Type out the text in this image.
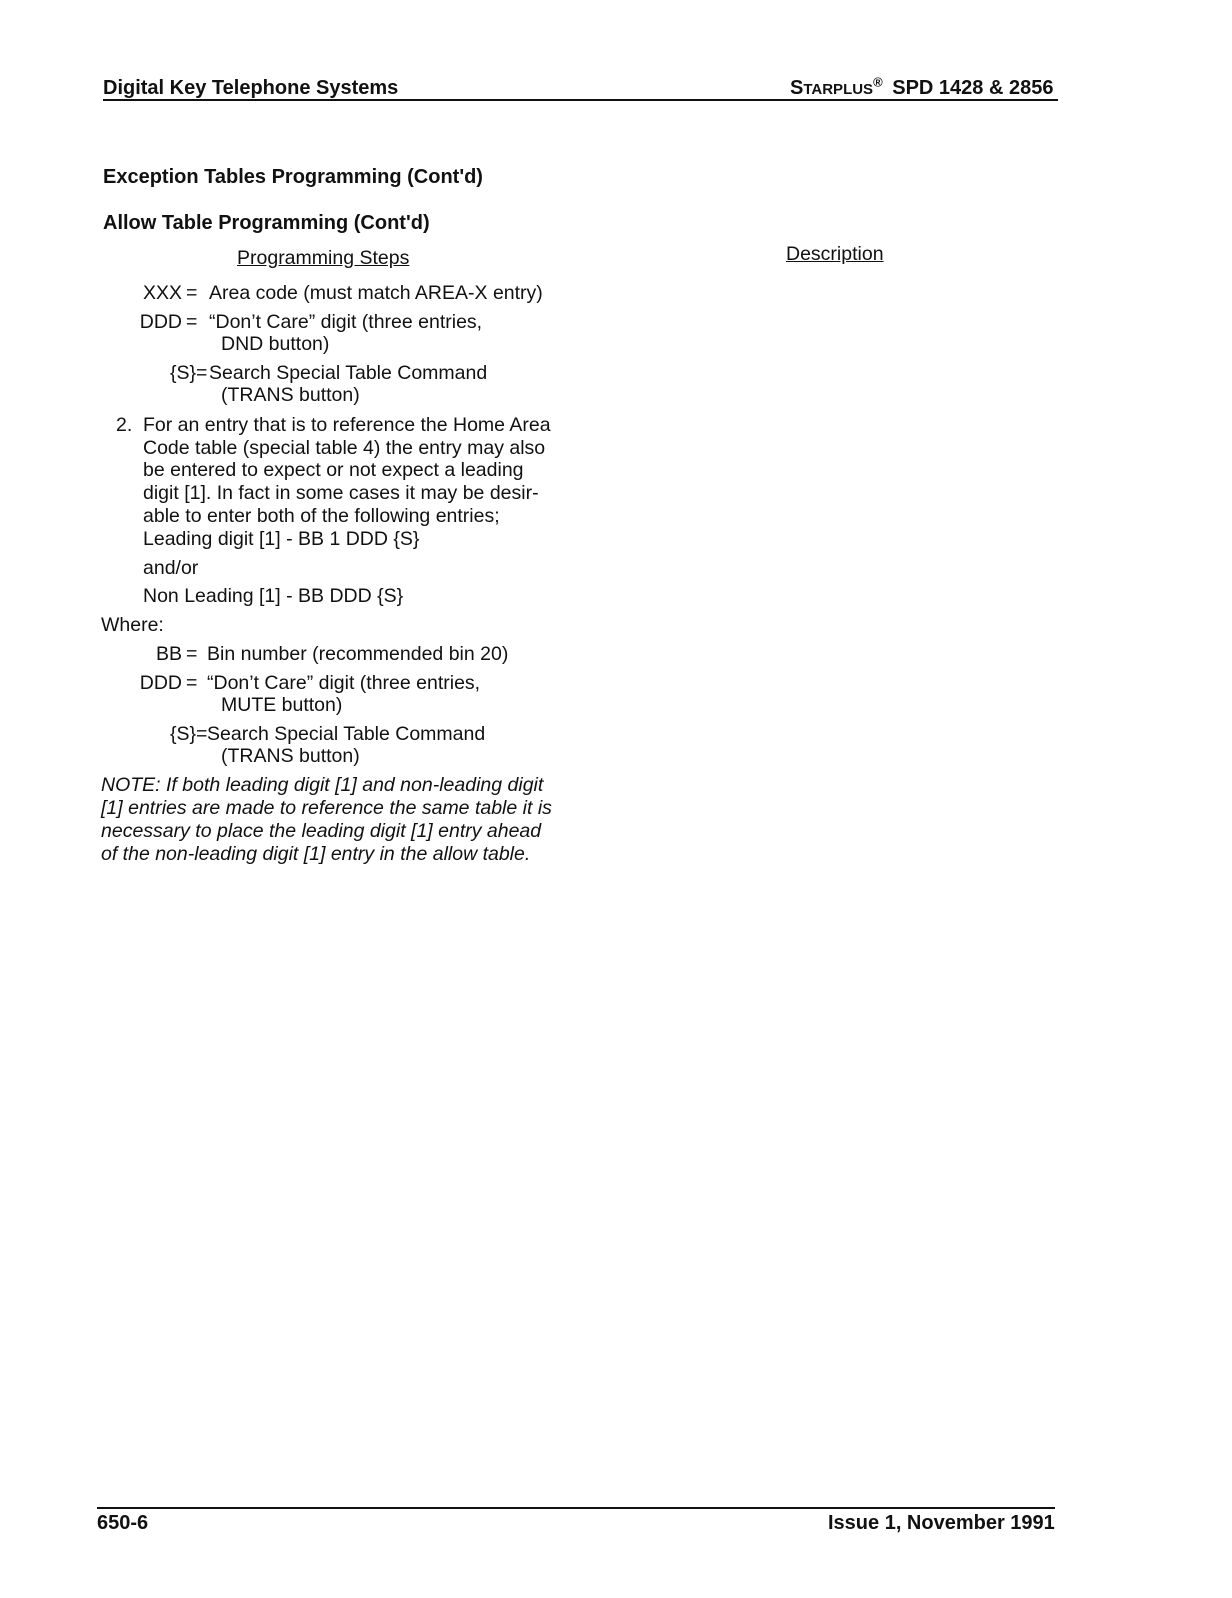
Digital Key Telephone Systems	STARPLUS® SPD 1428 & 2856
Exception Tables Programming (Cont'd)
Allow Table Programming (Cont'd)
Programming Steps	Description
XXX = Area code (must match AREA-X entry)
DDD = “Don’t Care” digit (three entries,
DND button)
{S} = Search Special Table Command
(TRANS button)
2. For an entry that is to reference the Home Area
Code table (special table 4) the entry may also
be entered to expect or not expect a leading
digit [1]. In fact in some cases it may be desir-
able to enter both of the following entries;
Leading digit [1] - BB 1 DDD {S}
and/or
Non Leading [1] - BB DDD {S}
Where:
BB = Bin number (recommended bin 20)
DDD = “Don’t Care” digit (three entries,
MUTE button)
{S} = Search Special Table Command
(TRANS button)
NOTE: If both leading digit [1] and non-leading digit
[1] entries are made to reference the same table it is
necessary to place the leading digit [1] entry ahead
of the non-leading digit [1] entry in the allow table.
650-6	Issue 1, November 1991
